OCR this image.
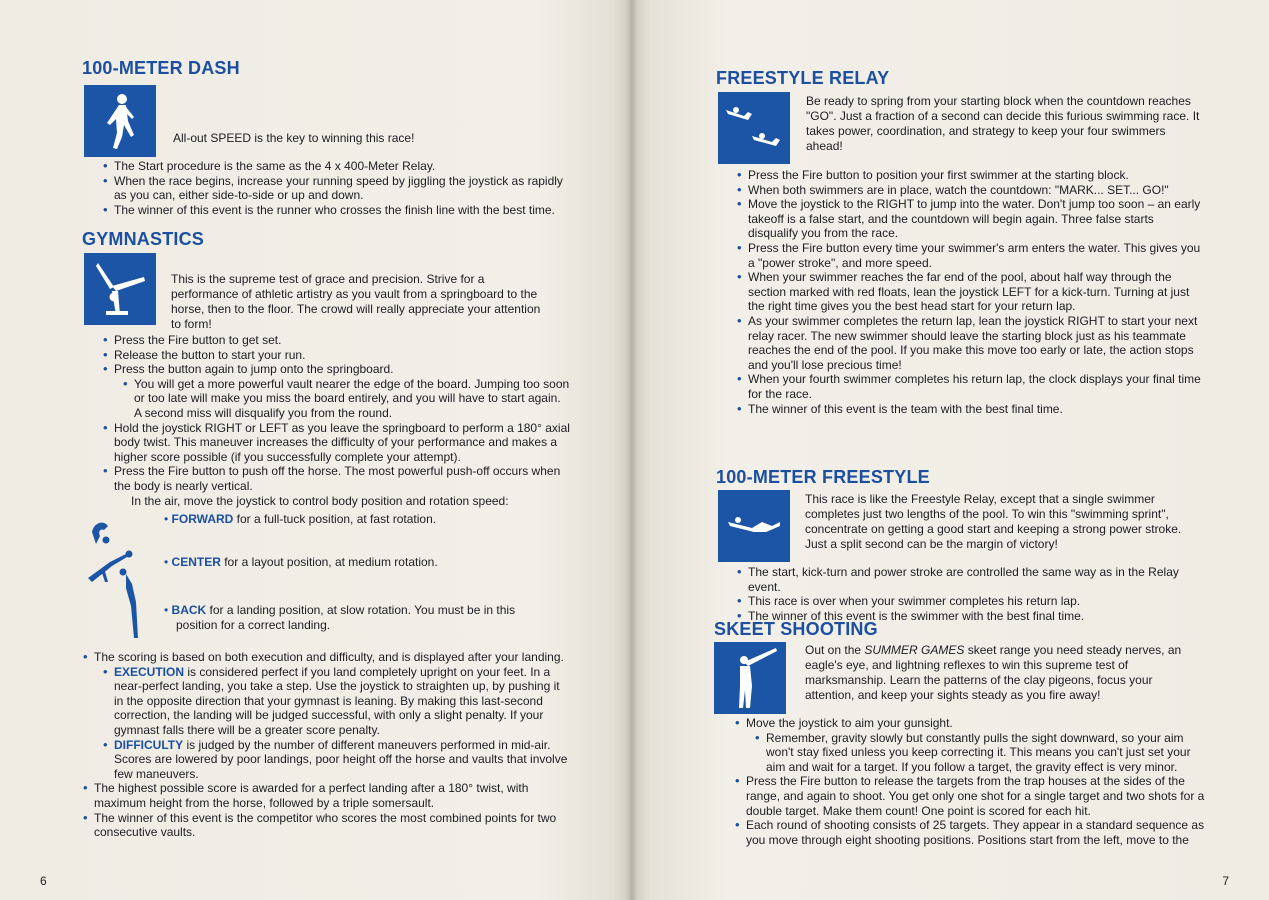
100-METER DASH
All-out SPEED is the key to winning this race!
• The Start procedure is the same as the 4 x 400-Meter Relay.
• When the race begins, increase your running speed by jiggling the joystick as rapidly as you can, either side-to-side or up and down.
• The winner of this event is the runner who crosses the finish line with the best time.
GYMNASTICS
This is the supreme test of grace and precision. Strive for a performance of athletic artistry as you vault from a springboard to the horse, then to the floor. The crowd will really appreciate your attention to form!
• Press the Fire button to get set.
• Release the button to start your run.
• Press the button again to jump onto the springboard.
• You will get a more powerful vault nearer the edge of the board. Jumping too soon or too late will make you miss the board entirely, and you will have to start again. A second miss will disqualify you from the round.
• Hold the joystick RIGHT or LEFT as you leave the springboard to perform a 180° axial body twist. This maneuver increases the difficulty of your performance and makes a higher score possible (if you successfully complete your attempt).
• Press the Fire button to push off the horse. The most powerful push-off occurs when the body is nearly vertical.
In the air, move the joystick to control body position and rotation speed:
• FORWARD for a full-tuck position, at fast rotation.
• CENTER for a layout position, at medium rotation.
• BACK for a landing position, at slow rotation. You must be in this position for a correct landing.
• The scoring is based on both execution and difficulty, and is displayed after your landing.
• EXECUTION is considered perfect if you land completely upright on your feet. In a near-perfect landing, you take a step. Use the joystick to straighten up, by pushing it in the opposite direction that your gymnast is leaning. By making this last-second correction, the landing will be judged successful, with only a slight penalty. If your gymnast falls there will be a greater score penalty.
• DIFFICULTY is judged by the number of different maneuvers performed in mid-air. Scores are lowered by poor landings, poor height off the horse and vaults that involve few maneuvers.
• The highest possible score is awarded for a perfect landing after a 180° twist, with maximum height from the horse, followed by a triple somersault.
• The winner of this event is the competitor who scores the most combined points for two consecutive vaults.
6
FREESTYLE RELAY
Be ready to spring from your starting block when the countdown reaches "GO". Just a fraction of a second can decide this furious swimming race. It takes power, coordination, and strategy to keep your four swimmers ahead!
• Press the Fire button to position your first swimmer at the starting block.
• When both swimmers are in place, watch the countdown: "MARK... SET... GO!"
• Move the joystick to the RIGHT to jump into the water. Don't jump too soon – an early takeoff is a false start, and the countdown will begin again. Three false starts disqualify you from the race.
• Press the Fire button every time your swimmer's arm enters the water. This gives you a "power stroke", and more speed.
• When your swimmer reaches the far end of the pool, about half way through the section marked with red floats, lean the joystick LEFT for a kick-turn. Turning at just the right time gives you the best head start for your return lap.
• As your swimmer completes the return lap, lean the joystick RIGHT to start your next relay racer. The new swimmer should leave the starting block just as his teammate reaches the end of the pool. If you make this move too early or late, the action stops and you'll lose precious time!
• When your fourth swimmer completes his return lap, the clock displays your final time for the race.
• The winner of this event is the team with the best final time.
100-METER FREESTYLE
This race is like the Freestyle Relay, except that a single swimmer completes just two lengths of the pool. To win this "swimming sprint", concentrate on getting a good start and keeping a strong power stroke. Just a split second can be the margin of victory!
• The start, kick-turn and power stroke are controlled the same way as in the Relay event.
• This race is over when your swimmer completes his return lap.
• The winner of this event is the swimmer with the best final time.
SKEET SHOOTING
Out on the SUMMER GAMES skeet range you need steady nerves, an eagle's eye, and lightning reflexes to win this supreme test of marksmanship. Learn the patterns of the clay pigeons, focus your attention, and keep your sights steady as you fire away!
• Move the joystick to aim your gunsight.
• Remember, gravity slowly but constantly pulls the sight downward, so your aim won't stay fixed unless you keep correcting it. This means you can't just set your aim and wait for a target. If you follow a target, the gravity effect is very minor.
• Press the Fire button to release the targets from the trap houses at the sides of the range, and again to shoot. You get only one shot for a single target and two shots for a double target. Make them count! One point is scored for each hit.
• Each round of shooting consists of 25 targets. They appear in a standard sequence as you move through eight shooting positions. Positions start from the left, move to the
7
